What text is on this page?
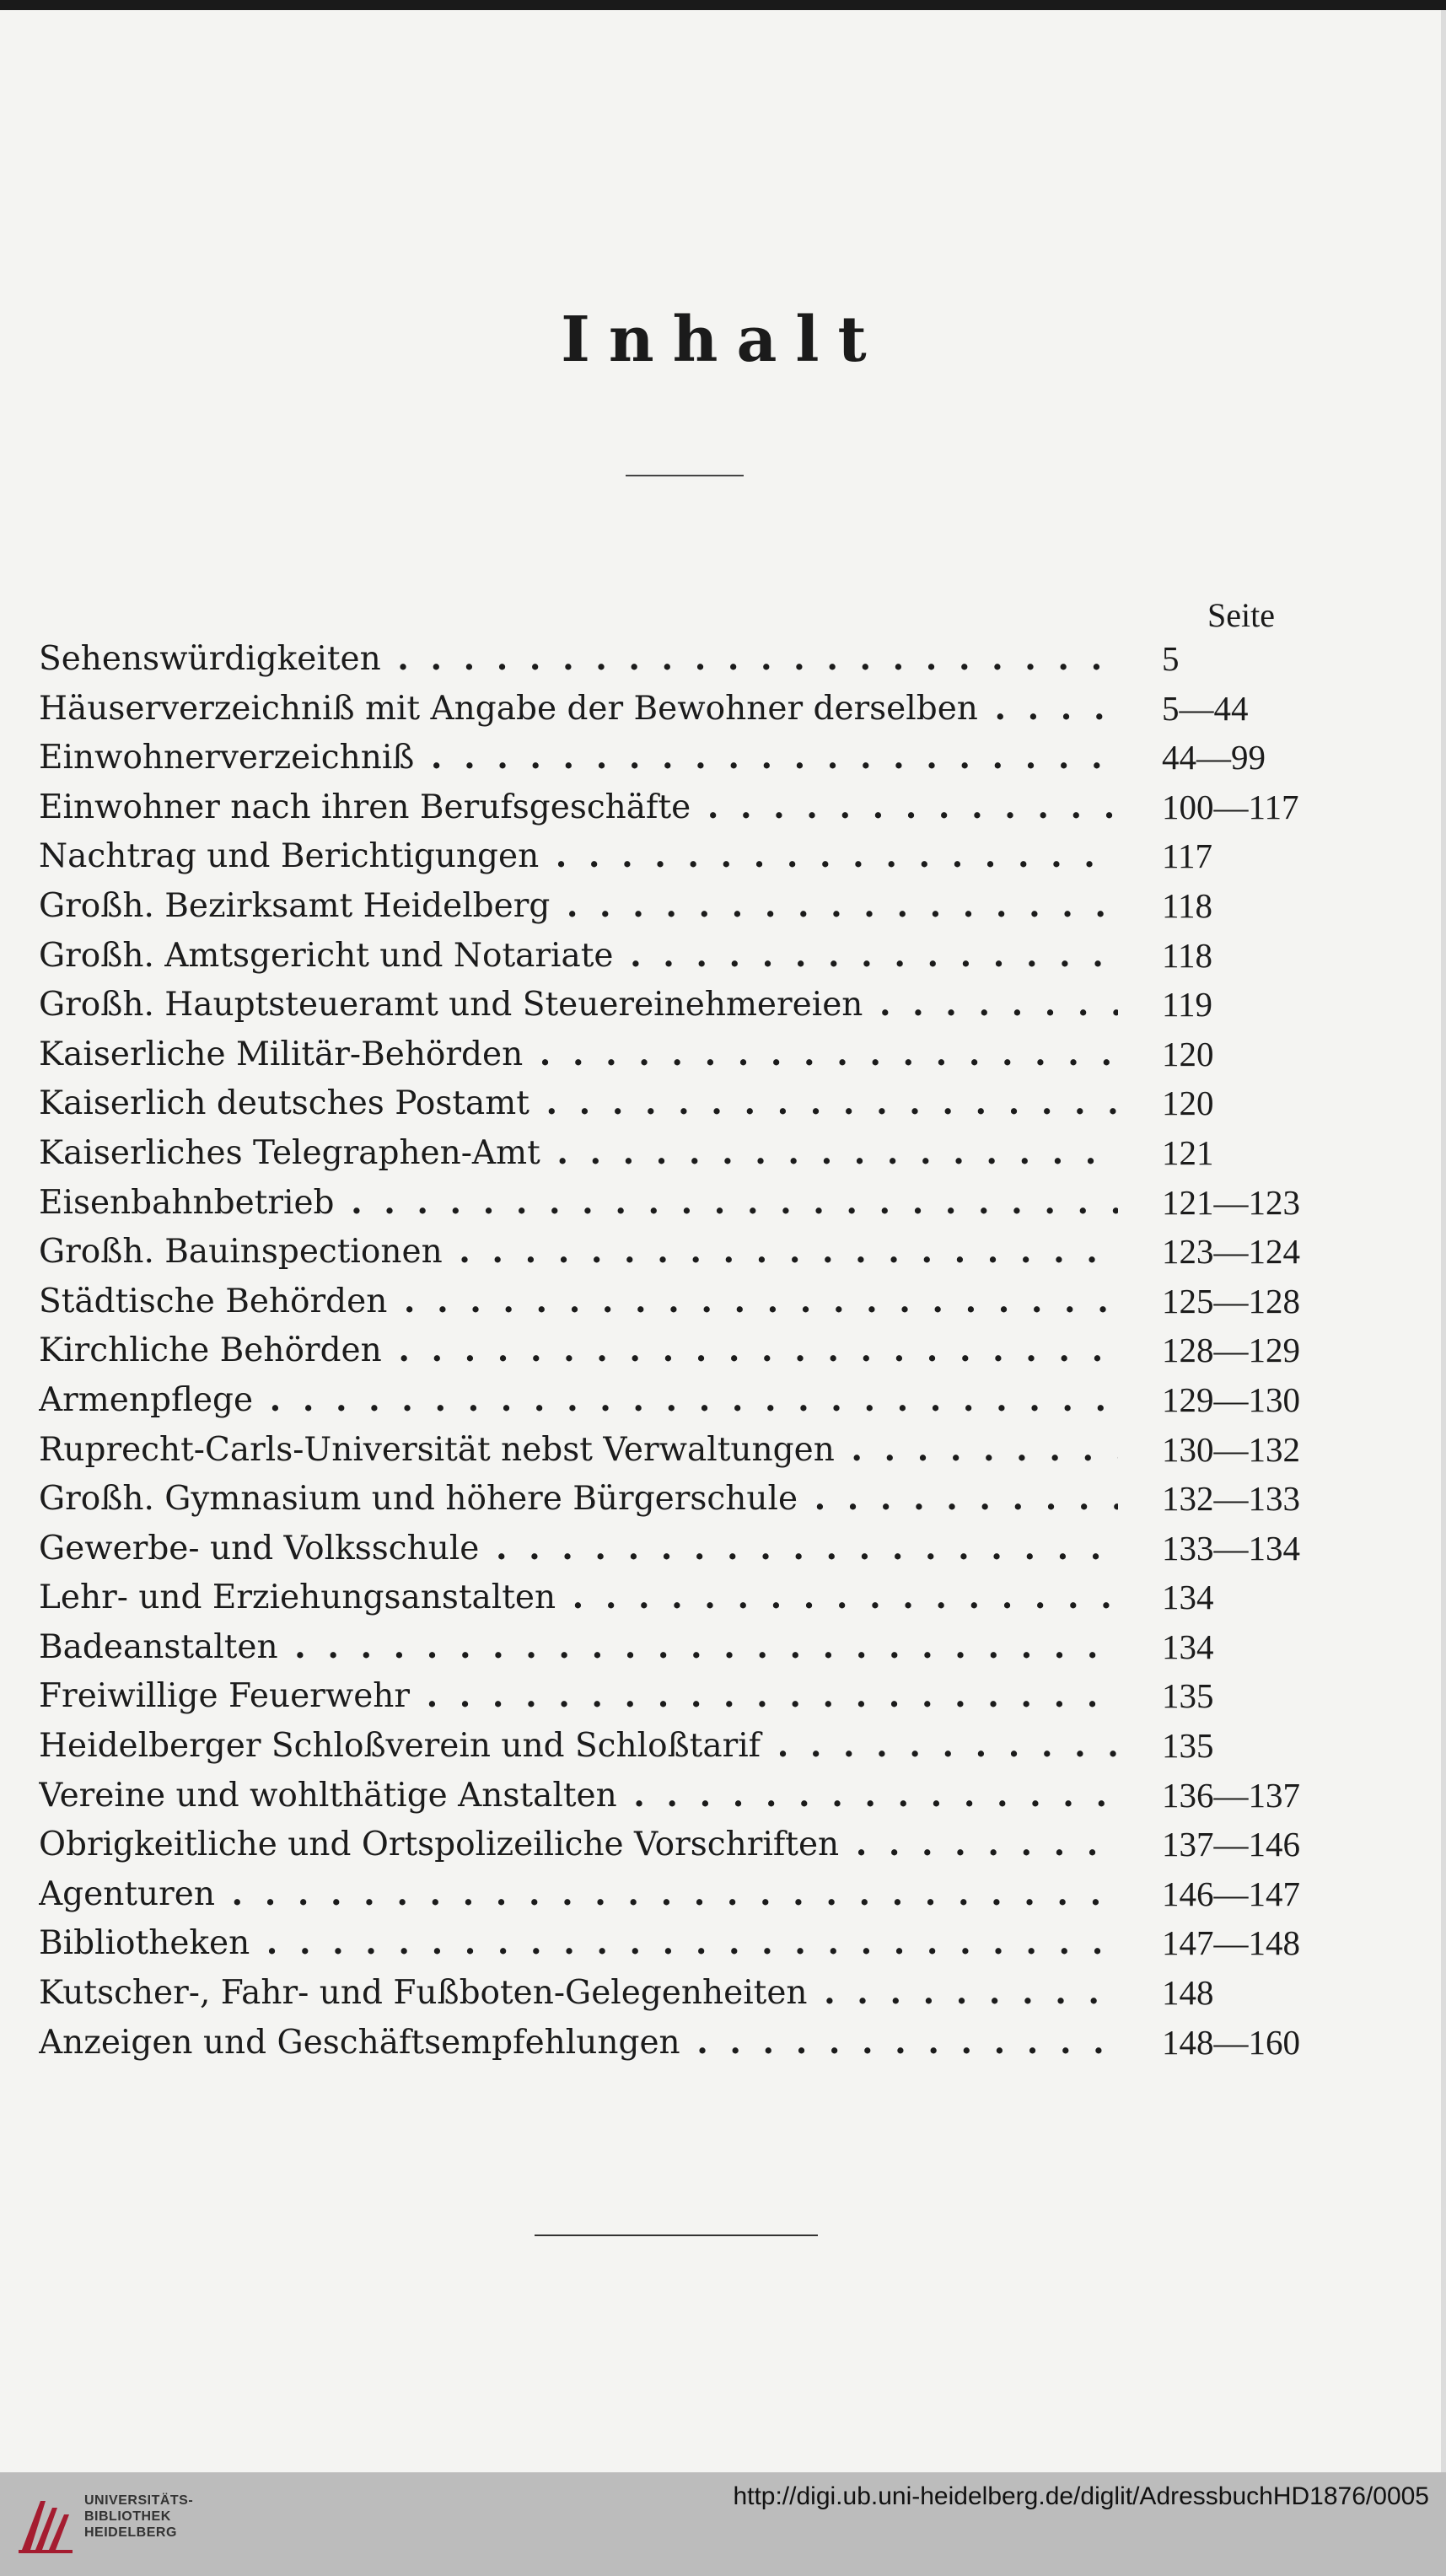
Inhalt
Seite
Sehenswürdigkeiten . .	5
Häuserverzeichniß mit Angabe der Bewohner derselben . .	5—44
Einwohnerverzeichniß . .	44—99
Einwohner nach ihren Berufsgeschäfte . .	100—117
Nachtrag und Berichtigungen . .	117
Großh. Bezirksamt Heidelberg . .	118
Großh. Amtsgericht und Notariate . .	118
Großh. Hauptsteueramt und Steuereinehmereien . .	119
Kaiserliche Militär-Behörden . .	120
Kaiserlich deutsches Postamt . .	120
Kaiserliches Telegraphen-Amt . .	121
Eisenbahnbetrieb . .	121—123
Großh. Bauinspectionen . .	123—124
Städtische Behörden . .	125—128
Kirchliche Behörden . .	128—129
Armenpflege . .	129—130
Ruprecht-Carls-Universität nebst Verwaltungen . .	130—132
Großh. Gymnasium und höhere Bürgerschule . .	132—133
Gewerbe- und Volksschule . .	133—134
Lehr- und Erziehungsanstalten . .	134
Badeanstalten . .	134
Freiwillige Feuerwehr . .	135
Heidelberger Schloßverein und Schloßtarif . .	135
Vereine und wohlthätige Anstalten . .	136—137
Obrigkeitliche und Ortspolizeiliche Vorschriften . .	137—146
Agenturen . .	146—147
Bibliotheken . .	147—148
Kutscher-, Fahr- und Fußboten-Gelegenheiten . .	148
Anzeigen und Geschäftsempfehlungen . .	148—160
UNIVERSITÄTS-
BIBLIOTHEK
HEIDELBERG
http://digi.ub.uni-heidelberg.de/diglit/AdressbuchHD1876/0005
